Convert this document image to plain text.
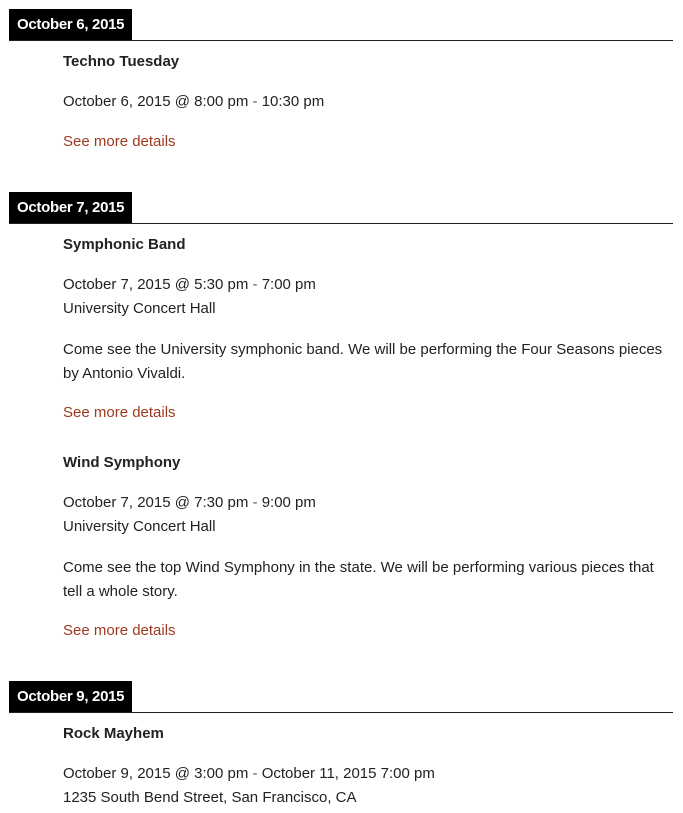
October 6, 2015
Techno Tuesday
October 6, 2015 @ 8:00 pm - 10:30 pm
See more details
October 7, 2015
Symphonic Band
October 7, 2015 @ 5:30 pm - 7:00 pm
University Concert Hall
Come see the University symphonic band. We will be performing the Four Seasons pieces by Antonio Vivaldi.
See more details
Wind Symphony
October 7, 2015 @ 7:30 pm - 9:00 pm
University Concert Hall
Come see the top Wind Symphony in the state. We will be performing various pieces that tell a whole story.
See more details
October 9, 2015
Rock Mayhem
October 9, 2015 @ 3:00 pm - October 11, 2015 7:00 pm
1235 South Bend Street, San Francisco, CA
